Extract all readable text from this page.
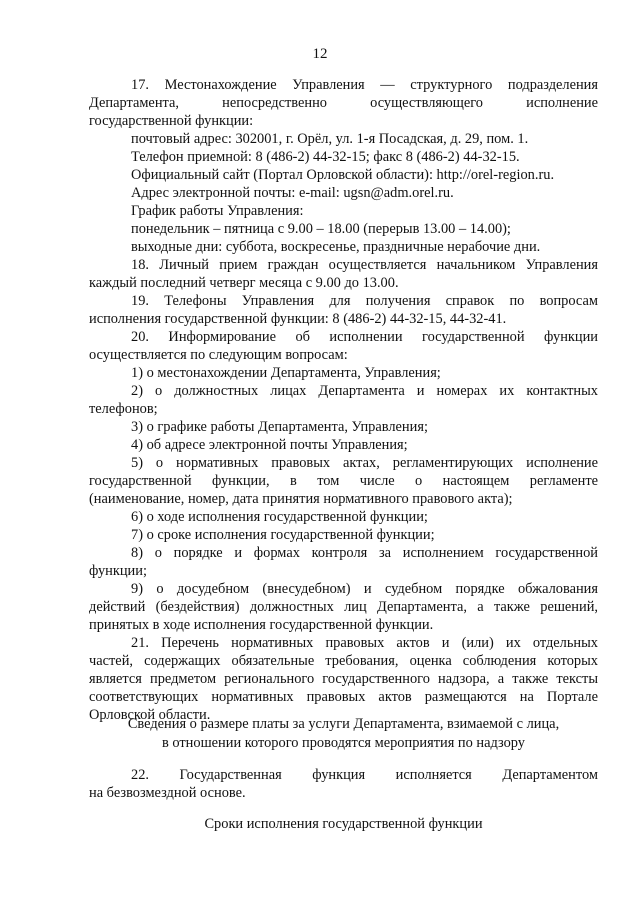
12
17. Местонахождение Управления — структурного подразделения
Департамента, непосредственно осуществляющего исполнение
государственной функции:
почтовый адрес: 302001, г. Орёл, ул. 1-я Посадская, д. 29, пом. 1.
Телефон приемной: 8 (486-2) 44-32-15; факс 8 (486-2) 44-32-15.
Официальный сайт (Портал Орловской области): http://orel-region.ru.
Адрес электронной почты: e-mail: ugsn@adm.orel.ru.
График работы Управления:
понедельник – пятница с 9.00 – 18.00 (перерыв 13.00 – 14.00);
выходные дни: суббота, воскресенье, праздничные нерабочие дни.
18. Личный прием граждан осуществляется начальником Управления
каждый последний четверг месяца с 9.00 до 13.00.
19. Телефоны Управления для получения справок по вопросам
исполнения государственной функции: 8 (486-2) 44-32-15, 44-32-41.
20. Информирование об исполнении государственной функции
осуществляется по следующим вопросам:
1) о местонахождении Департамента, Управления;
2) о должностных лицах Департамента и номерах их контактных
телефонов;
3) о графике работы Департамента, Управления;
4) об адресе электронной почты Управления;
5) о нормативных правовых актах, регламентирующих исполнение
государственной функции, в том числе о настоящем регламенте
(наименование, номер, дата принятия нормативного правового акта);
6) о ходе исполнения государственной функции;
7) о сроке исполнения государственной функции;
8) о порядке и формах контроля за исполнением государственной
функции;
9) о досудебном (внесудебном) и судебном порядке обжалования
действий (бездействия) должностных лиц Департамента, а также решений,
принятых в ходе исполнения государственной функции.
21. Перечень нормативных правовых актов и (или) их отдельных
частей, содержащих обязательные требования, оценка соблюдения которых
является предметом регионального государственного надзора, а также тексты
соответствующих нормативных правовых актов размещаются на Портале
Орловской области.
Сведения о размере платы за услуги Департамента, взимаемой с лица,
в отношении которого проводятся мероприятия по надзору
22. Государственная функция исполняется Департаментом
на безвозмездной основе.
Сроки исполнения государственной функции
